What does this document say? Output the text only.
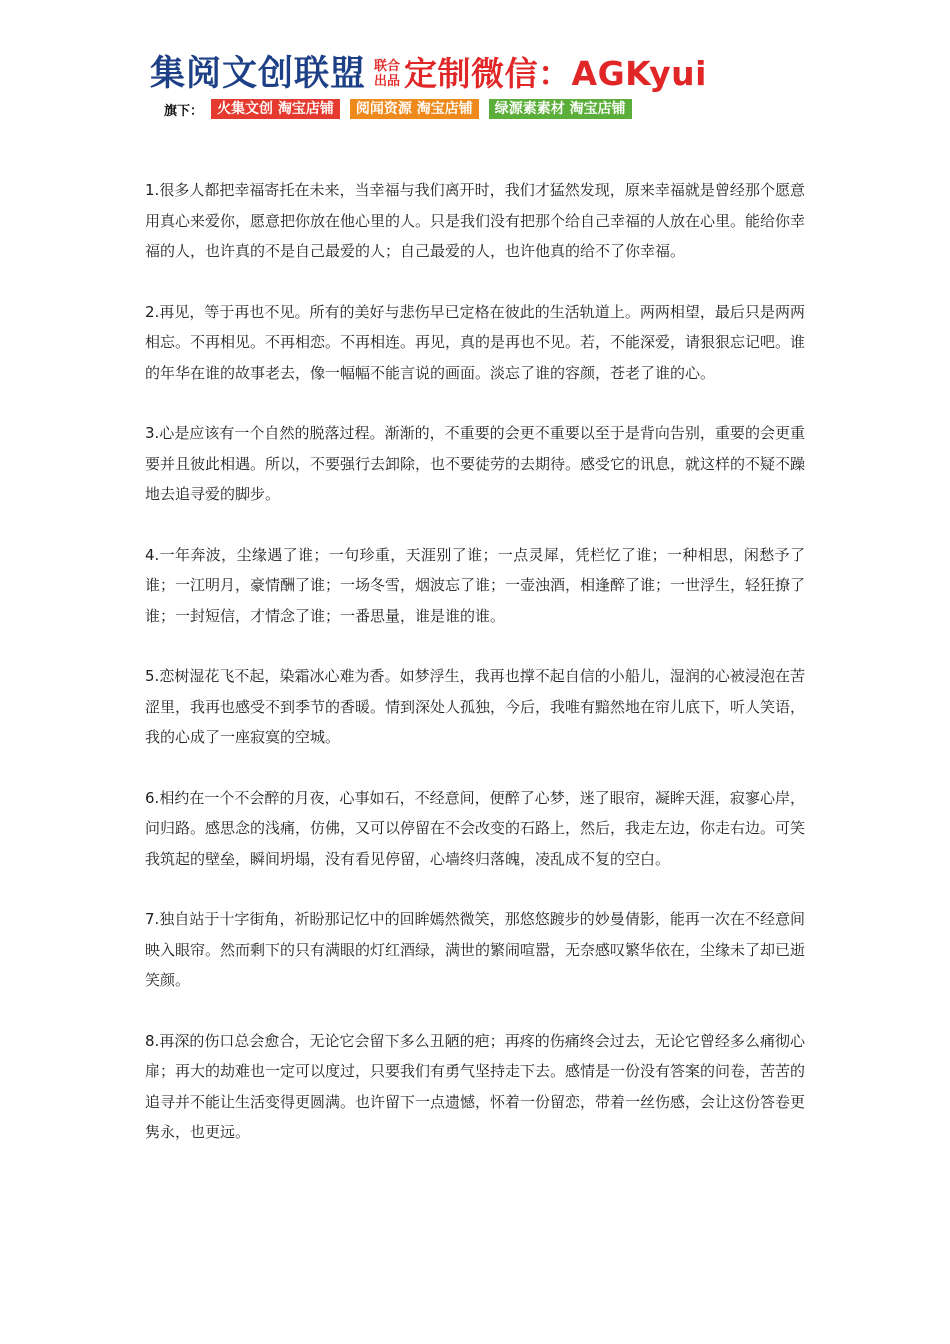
集阅文创联盟 联合
出品 定制微信：AGKyui
旗下：	火集文创 淘宝店铺	阅闻资源 淘宝店铺	绿源素素材 淘宝店铺

1.很多人都把幸福寄托在未来，当幸福与我们离开时，我们才猛然发现，原来幸福就是曾经那个愿意用真心来爱你，愿意把你放在他心里的人。只是我们没有把那个给自己幸福的人放在心里。能给你幸福的人，也许真的不是自己最爱的人；自己最爱的人，也许他真的给不了你幸福。

2.再见，等于再也不见。所有的美好与悲伤早已定格在彼此的生活轨道上。两两相望，最后只是两两相忘。不再相见。不再相恋。不再相连。再见，真的是再也不见。若，不能深爱，请狠狠忘记吧。谁的年华在谁的故事老去，像一幅幅不能言说的画面。淡忘了谁的容颜，苍老了谁的心。

3.心是应该有一个自然的脱落过程。渐渐的，不重要的会更不重要以至于是背向告别，重要的会更重要并且彼此相遇。所以，不要强行去卸除，也不要徒劳的去期待。感受它的讯息，就这样的不疑不躁地去追寻爱的脚步。

4.一年奔波，尘缘遇了谁；一句珍重，天涯别了谁；一点灵犀，凭栏忆了谁；一种相思，闲愁予了谁；一江明月，豪情酬了谁；一场冬雪，烟波忘了谁；一壶浊酒，相逢醉了谁；一世浮生，轻狂撩了谁；一封短信，才情念了谁；一番思量，谁是谁的谁。

5.恋树湿花飞不起，染霜冰心难为香。如梦浮生，我再也撑不起自信的小船儿，湿润的心被浸泡在苦涩里，我再也感受不到季节的香暖。情到深处人孤独，今后，我唯有黯然地在帘儿底下，听人笑语，我的心成了一座寂寞的空城。

6.相约在一个不会醉的月夜，心事如石，不经意间，便醉了心梦，迷了眼帘，凝眸天涯，寂寥心岸，问归路。感思念的浅痛，仿佛，又可以停留在不会改变的石路上，然后，我走左边，你走右边。可笑我筑起的壁垒，瞬间坍塌，没有看见停留，心墙终归落魄，凌乱成不复的空白。

7.独自站于十字街角，祈盼那记忆中的回眸嫣然微笑，那悠悠踱步的妙曼倩影，能再一次在不经意间映入眼帘。然而剩下的只有满眼的灯红酒绿，满世的繁闹喧嚣，无奈感叹繁华依在，尘缘未了却已逝笑颜。

8.再深的伤口总会愈合，无论它会留下多么丑陋的疤；再疼的伤痛终会过去，无论它曾经多么痛彻心扉；再大的劫难也一定可以度过，只要我们有勇气坚持走下去。感情是一份没有答案的问卷，苦苦的追寻并不能让生活变得更圆满。也许留下一点遗憾，怀着一份留恋，带着一丝伤感，会让这份答卷更隽永，也更远。
